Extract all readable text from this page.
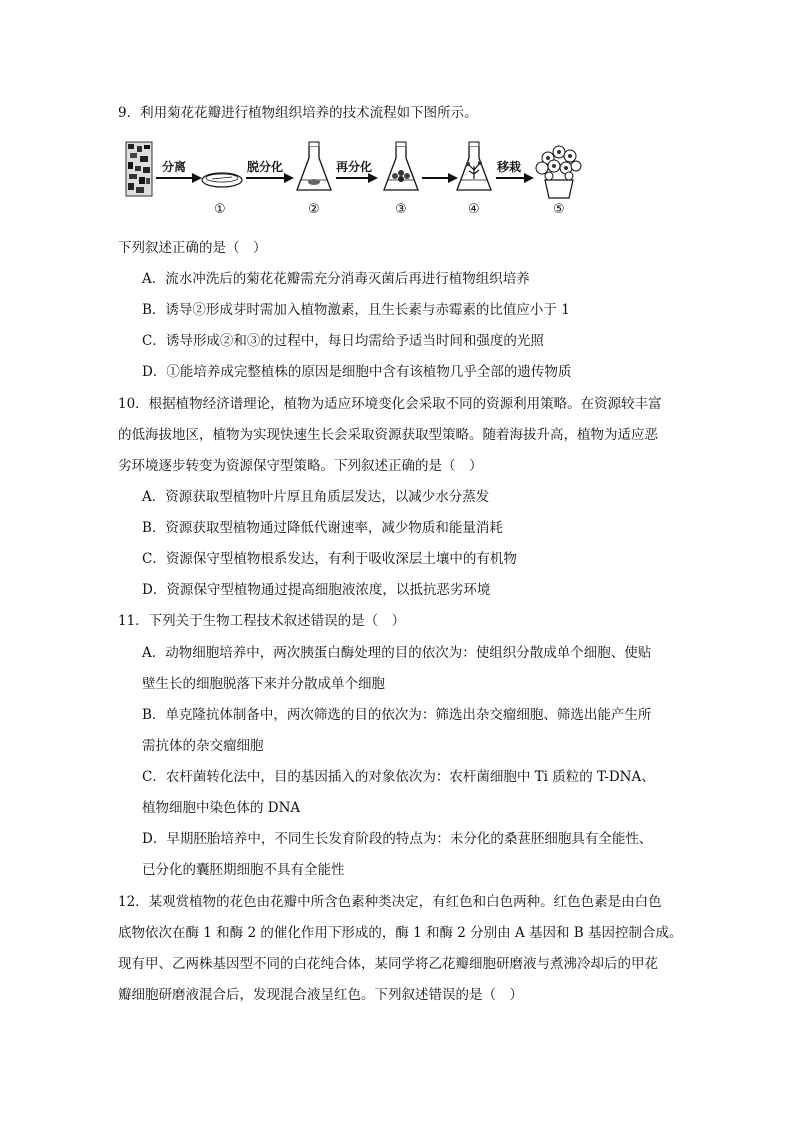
9．利用菊花花瓣进行植物组织培养的技术流程如下图所示。
分离	脱分化	再分化	移栽
①	②	③	④	⑤
下列叙述正确的是（　）
A．流水冲洗后的菊花花瓣需充分消毒灭菌后再进行植物组织培养
B．诱导②形成芽时需加入植物激素，且生长素与赤霉素的比值应小于 1
C．诱导形成②和③的过程中，每日均需给予适当时间和强度的光照
D．①能培养成完整植株的原因是细胞中含有该植物几乎全部的遗传物质
10．根据植物经济谱理论，植物为适应环境变化会采取不同的资源利用策略。在资源较丰富
的低海拔地区，植物为实现快速生长会采取资源获取型策略。随着海拔升高，植物为适应恶
劣环境逐步转变为资源保守型策略。下列叙述正确的是（　）
A．资源获取型植物叶片厚且角质层发达，以减少水分蒸发
B．资源获取型植物通过降低代谢速率，减少物质和能量消耗
C．资源保守型植物根系发达，有利于吸收深层土壤中的有机物
D．资源保守型植物通过提高细胞液浓度，以抵抗恶劣环境
11．下列关于生物工程技术叙述错误的是（　）
A．动物细胞培养中，两次胰蛋白酶处理的目的依次为：使组织分散成单个细胞、使贴
壁生长的细胞脱落下来并分散成单个细胞
B．单克隆抗体制备中，两次筛选的目的依次为：筛选出杂交瘤细胞、筛选出能产生所
需抗体的杂交瘤细胞
C．农杆菌转化法中，目的基因插入的对象依次为：农杆菌细胞中 Ti 质粒的 T-DNA、
植物细胞中染色体的 DNA
D．早期胚胎培养中，不同生长发育阶段的特点为：未分化的桑葚胚细胞具有全能性、
已分化的囊胚期细胞不具有全能性
12．某观赏植物的花色由花瓣中所含色素种类决定，有红色和白色两种。红色色素是由白色
底物依次在酶 1 和酶 2 的催化作用下形成的，酶 1 和酶 2 分别由 A 基因和 B 基因控制合成。
现有甲、乙两株基因型不同的白花纯合体，某同学将乙花瓣细胞研磨液与煮沸冷却后的甲花
瓣细胞研磨液混合后，发现混合液呈红色。下列叙述错误的是（　）
